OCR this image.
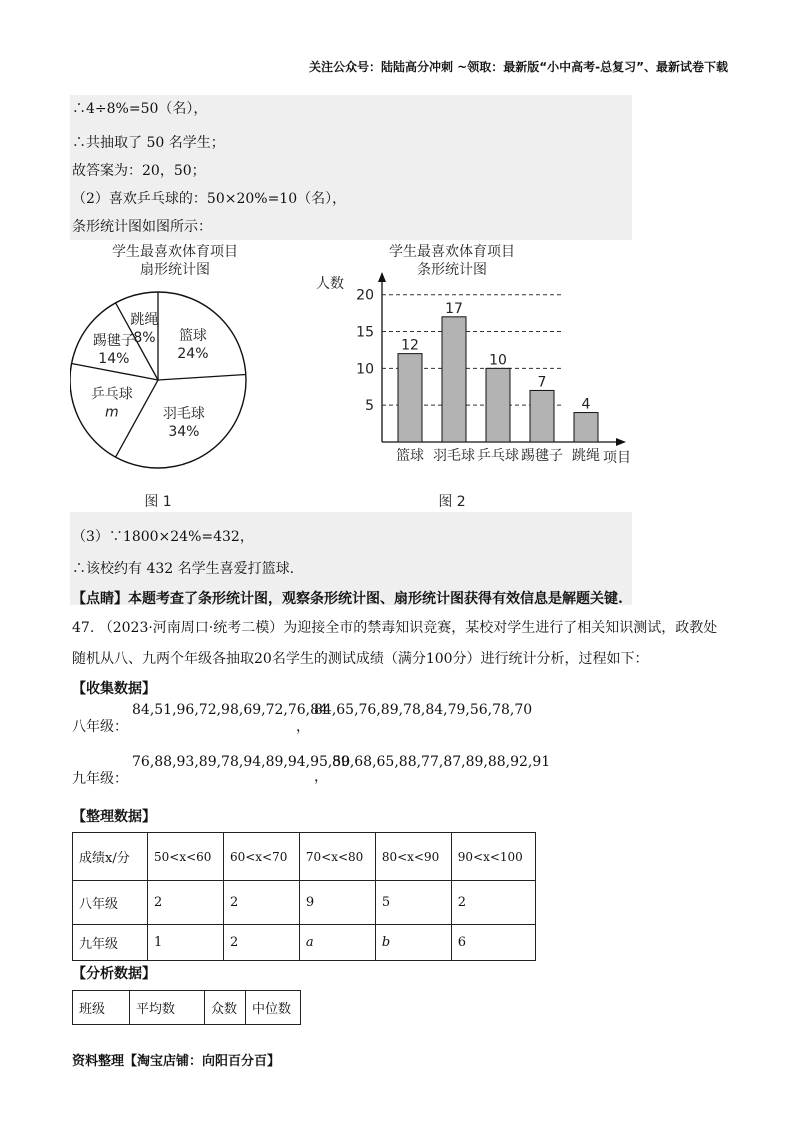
关注公众号：陆陆高分冲刺 ~领取：最新版“小中高考-总复习”、最新试卷下载
∴4÷8%=50（名），
∴共抽取了 50 名学生；
故答案为：20，50；
（2）喜欢乒乓球的：50×20%=10（名），
条形统计图如图所示：
学生最喜欢体育项目
扇形统计图
篮球
24%
羽毛球
34%
乒乓球
m
踢毽子
14%
跳绳
8%
图 1
学生最喜欢体育项目
条形统计图
人数
项目
5
10
15
20
12
篮球
17
羽毛球
10
乒乓球
7
踢毽子
4
跳绳
图 2
（3）∵1800×24%=432，
∴该校约有 432 名学生喜爱打篮球.
【点睛】本题考查了条形统计图，观察条形统计图、扇形统计图获得有效信息是解题关键.
47. （2023·河南周口·统考二模）为迎接全市的禁毒知识竞赛，某校对学生进行了相关知识测试，政教处
随机从八、九两个年级各抽取20名学生的测试成绩（满分100分）进行统计分析，过程如下：
【收集数据】
八年级：
84,51,96,72,98,69,72,76,84
，
84,65,76,89,78,84,79,56,78,70
九年级：
76,88,93,89,78,94,89,94,95,50
，
89,68,65,88,77,87,89,88,92,91
【整理数据】
成绩x/分	50<x<60	60<x<70	70<x<80	80<x<90	90<x<100
八年级	2	2	9	5	2
九年级	1	2	a	b	6
【分析数据】
班级	平均数	众数	中位数
资料整理【淘宝店铺：向阳百分百】
